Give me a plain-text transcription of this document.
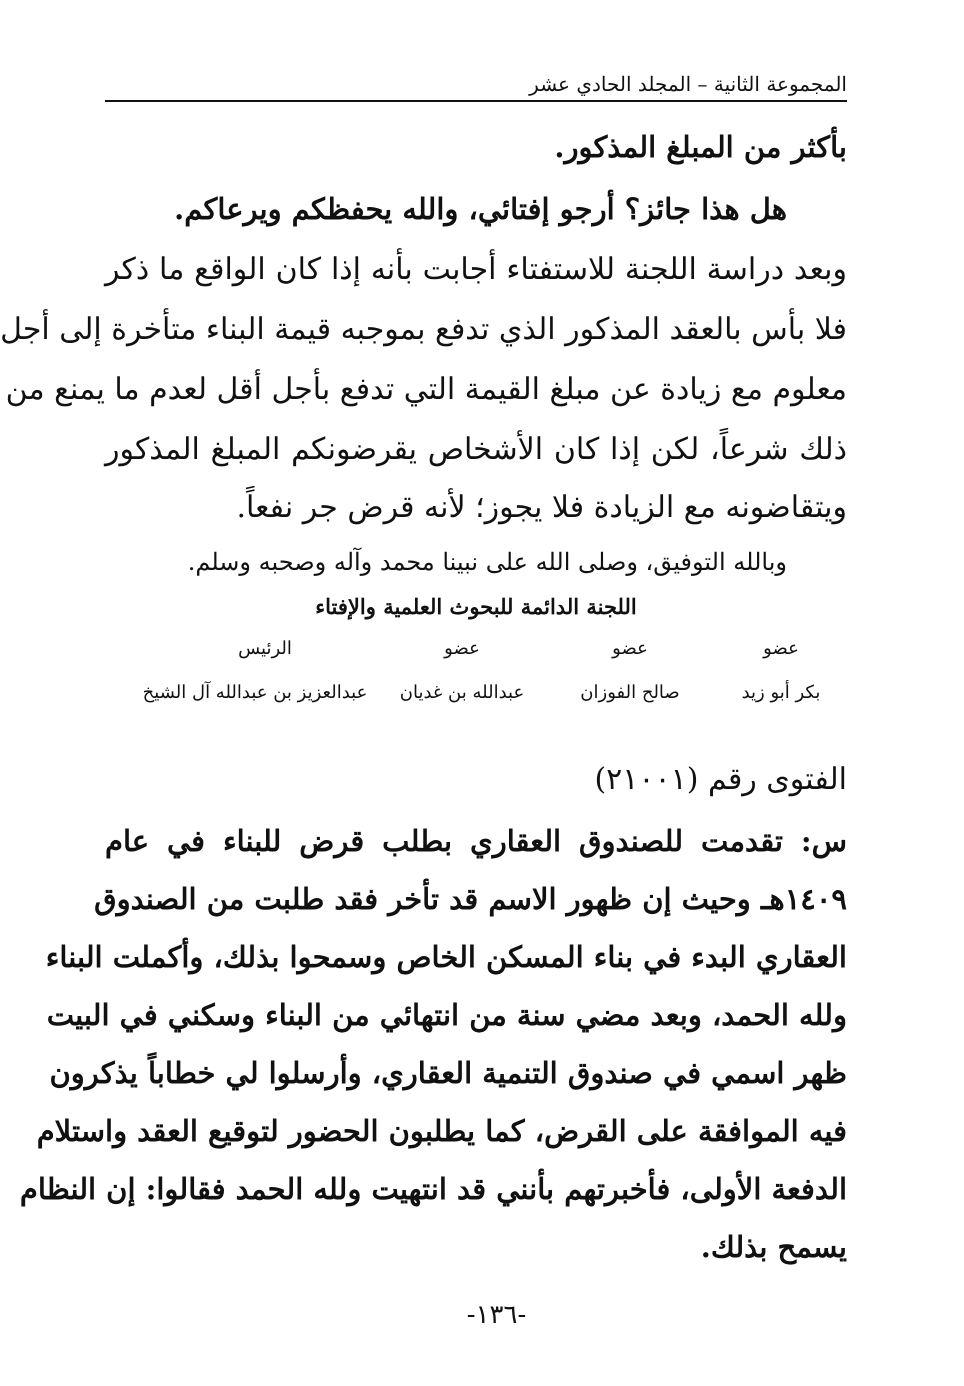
المجموعة الثانية – المجلد الحادي عشر
بأكثر من المبلغ المذكور.
هل هذا جائز؟ أرجو إفتائي، والله يحفظكم ويرعاكم.
وبعد دراسة اللجنة للاستفتاء أجابت بأنه إذا كان الواقع ما ذكر
فلا بأس بالعقد المذكور الذي تدفع بموجبه قيمة البناء متأخرة إلى أجل
معلوم مع زيادة عن مبلغ القيمة التي تدفع بأجل أقل لعدم ما يمنع من
ذلك شرعاً، لكن إذا كان الأشخاص يقرضونكم المبلغ المذكور
ويتقاضونه مع الزيادة فلا يجوز؛ لأنه قرض جر نفعاً.
وبالله التوفيق، وصلى الله على نبينا محمد وآله وصحبه وسلم.
اللجنة الدائمة للبحوث العلمية والإفتاء
الرئيس	عضو	عضو	عضو
عبدالعزيز بن عبدالله آل الشيخ	عبدالله بن غديان	صالح الفوزان	بكر أبو زيد
الفتوى رقم (٢١٠٠١)
س: تقدمت للصندوق العقاري بطلب قرض للبناء في عام
١٤٠٩هـ وحيث إن ظهور الاسم قد تأخر فقد طلبت من الصندوق
العقاري البدء في بناء المسكن الخاص وسمحوا بذلك، وأكملت البناء
ولله الحمد، وبعد مضي سنة من انتهائي من البناء وسكني في البيت
ظهر اسمي في صندوق التنمية العقاري، وأرسلوا لي خطاباً يذكرون
فيه الموافقة على القرض، كما يطلبون الحضور لتوقيع العقد واستلام
الدفعة الأولى، فأخبرتهم بأنني قد انتهيت ولله الحمد فقالوا: إن النظام
يسمح بذلك.
-١٣٦-
